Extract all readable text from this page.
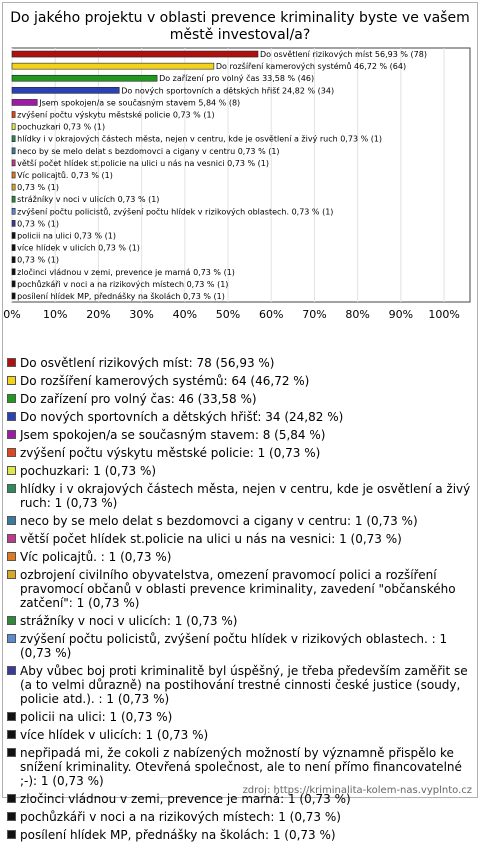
Do jakého projektu v oblasti prevence kriminality byste ve vašem městě investoval/a?
0% 10% 20% 30% 40% 50% 60% 70% 80% 90% 100%
Do osvětlení rizikových míst 56,93 % (78)
Do rozšíření kamerových systémů 46,72 % (64)
Do zařízení pro volný čas 33,58 % (46)
Do nových sportovních a dětských hřišť 24,82 % (34)
Jsem spokojen/a se současným stavem 5,84 % (8)
zvýšení počtu výskytu městské policie 0,73 % (1)
pochuzkari 0,73 % (1)
hlídky i v okrajových částech města, nejen v centru, kde je osvětlení a živý ruch 0,73 % (1)
neco by se melo delat s bezdomovci a cigany v centru 0,73 % (1)
větší počet hlídek st.policie na ulici u nás na vesnici 0,73 % (1)
Víc policajtů. 0,73 % (1)
0,73 % (1)
strážníky v noci v ulicích 0,73 % (1)
zvýšení počtu policistů, zvýšení počtu hlídek v rizikových oblastech. 0,73 % (1)
0,73 % (1)
policii na ulici 0,73 % (1)
více hlídek v ulicích 0,73 % (1)
0,73 % (1)
zločinci vládnou v zemi, prevence je marná 0,73 % (1)
pochůzkáři v noci a na rizikových místech 0,73 % (1)
posílení hlídek MP, přednášky na školách 0,73 % (1)
Do osvětlení rizikových míst: 78 (56,93 %)
Do rozšíření kamerových systémů: 64 (46,72 %)
Do zařízení pro volný čas: 46 (33,58 %)
Do nových sportovních a dětských hřišť: 34 (24,82 %)
Jsem spokojen/a se současným stavem: 8 (5,84 %)
zvýšení počtu výskytu městské policie: 1 (0,73 %)
pochuzkari: 1 (0,73 %)
hlídky i v okrajových částech města, nejen v centru, kde je osvětlení a živý ruch: 1 (0,73 %)
neco by se melo delat s bezdomovci a cigany v centru: 1 (0,73 %)
větší počet hlídek st.policie na ulici u nás na vesnici: 1 (0,73 %)
Víc policajtů. : 1 (0,73 %)
ozbrojení civilního obyvatelstva, omezení pravomocí polici a rozšíření pravomocí občanů v oblasti prevence kriminality, zavedení "občanského zatčení": 1 (0,73 %)
strážníky v noci v ulicích: 1 (0,73 %)
zvýšení počtu policistů, zvýšení počtu hlídek v rizikových oblastech. : 1 (0,73 %)
Aby vůbec boj proti kriminalitě byl úspěšný, je třeba především zaměřit se (a to velmi důrazně) na postihování trestné cinnosti české justice (soudy, policie atd.). : 1 (0,73 %)
policii na ulici: 1 (0,73 %)
více hlídek v ulicích: 1 (0,73 %)
nepřipadá mi, že cokoli z nabízených možností by významně přispělo ke snížení kriminality. Otevřená společnost, ale to není přímo financovatelné ;-): 1 (0,73 %)
zločinci vládnou v zemi, prevence je marná: 1 (0,73 %)
pochůzkáři v noci a na rizikových místech: 1 (0,73 %)
posílení hlídek MP, přednášky na školách: 1 (0,73 %)
zdroj: https://kriminalita-kolem-nas.vyplnto.cz
